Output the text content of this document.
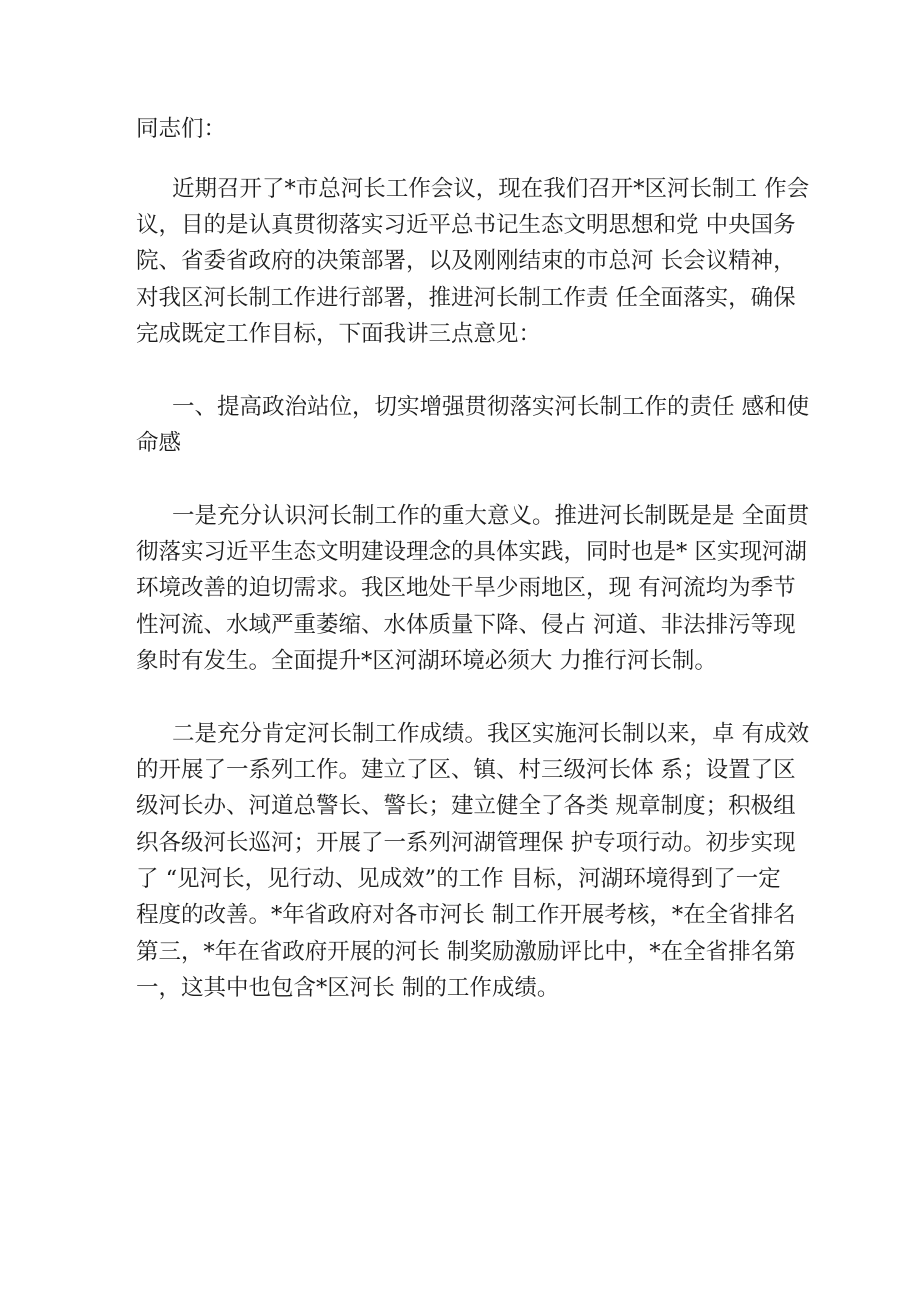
同志们：

近期召开了*市总河长工作会议，现在我们召开*区河长制工 作会

议，目的是认真贯彻落实习近平总书记生态文明思想和党 中央国务

院、省委省政府的决策部署，以及刚刚结束的市总河 长会议精神，

对我区河长制工作进行部署，推进河长制工作责 任全面落实，确保

完成既定工作目标，下面我讲三点意见：

一、提高政治站位，切实增强贯彻落实河长制工作的责任 感和使

命感

一是充分认识河长制工作的重大意义。推进河长制既是是 全面贯

彻落实习近平生态文明建设理念的具体实践，同时也是* 区实现河湖

环境改善的迫切需求。我区地处干旱少雨地区，现 有河流均为季节

性河流、水域严重萎缩、水体质量下降、侵占 河道、非法排污等现

象时有发生。全面提升*区河湖环境必须大 力推行河长制。

二是充分肯定河长制工作成绩。我区实施河长制以来，卓 有成效

的开展了一系列工作。建立了区、镇、村三级河长体 系；设置了区

级河长办、河道总警长、警长；建立健全了各类 规章制度；积极组

织各级河长巡河；开展了一系列河湖管理保 护专项行动。初步实现

了 “见河长，见行动、见成效”的工作 目标，河湖环境得到了一定

程度的改善。*年省政府对各市河长 制工作开展考核，*在全省排名

第三，*年在省政府开展的河长 制奖励激励评比中，*在全省排名第

一，这其中也包含*区河长 制的工作成绩。
